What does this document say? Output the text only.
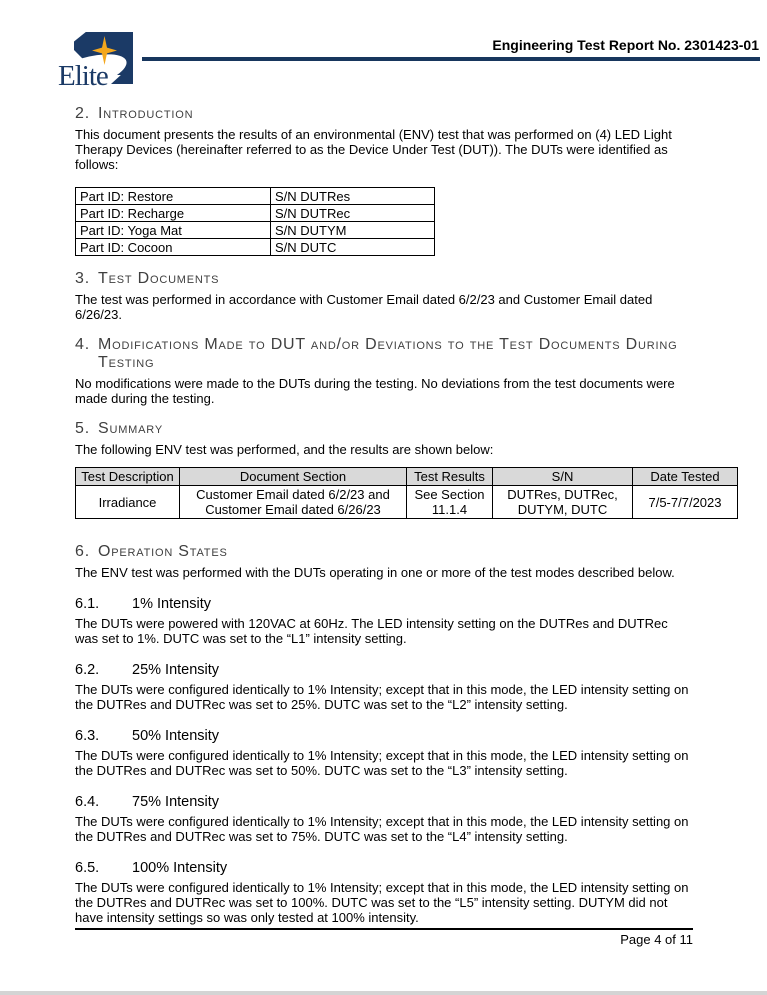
Elite
Engineering Test Report No. 2301423-01
2. Introduction

This document presents the results of an environmental (ENV) test that was performed on (4) LED Light Therapy Devices (hereinafter referred to as the Device Under Test (DUT)). The DUTs were identified as follows:

Part ID: Restore	S/N DUTRes
Part ID: Recharge	S/N DUTRec
Part ID: Yoga Mat	S/N DUTYM
Part ID: Cocoon	S/N DUTC
3. Test Documents

The test was performed in accordance with Customer Email dated 6/2/23 and Customer Email dated 6/26/23.

4. Modifications Made to DUT and/or Deviations to the Test Documents During Testing

No modifications were made to the DUTs during the testing. No deviations from the test documents were made during the testing.

5. Summary

The following ENV test was performed, and the results are shown below:

Test Description	Document Section	Test Results	S/N	Date Tested
Irradiance	Customer Email dated 6/2/23 and Customer Email dated 6/26/23	See Section 11.1.4	DUTRes, DUTRec, DUTYM, DUTC	7/5-7/7/2023
6. Operation States

The ENV test was performed with the DUTs operating in one or more of the test modes described below.

6.1.	1% Intensity

The DUTs were powered with 120VAC at 60Hz. The LED intensity setting on the DUTRes and DUTRec was set to 1%. DUTC was set to the “L1” intensity setting.

6.2.	25% Intensity

The DUTs were configured identically to 1% Intensity; except that in this mode, the LED intensity setting on the DUTRes and DUTRec was set to 25%. DUTC was set to the “L2” intensity setting.

6.3.	50% Intensity

The DUTs were configured identically to 1% Intensity; except that in this mode, the LED intensity setting on the DUTRes and DUTRec was set to 50%. DUTC was set to the “L3” intensity setting.

6.4.	75% Intensity

The DUTs were configured identically to 1% Intensity; except that in this mode, the LED intensity setting on the DUTRes and DUTRec was set to 75%. DUTC was set to the “L4” intensity setting.

6.5.	100% Intensity

The DUTs were configured identically to 1% Intensity; except that in this mode, the LED intensity setting on the DUTRes and DUTRec was set to 100%. DUTC was set to the “L5” intensity setting. DUTYM did not have intensity settings so was only tested at 100% intensity.

Page 4 of 11
